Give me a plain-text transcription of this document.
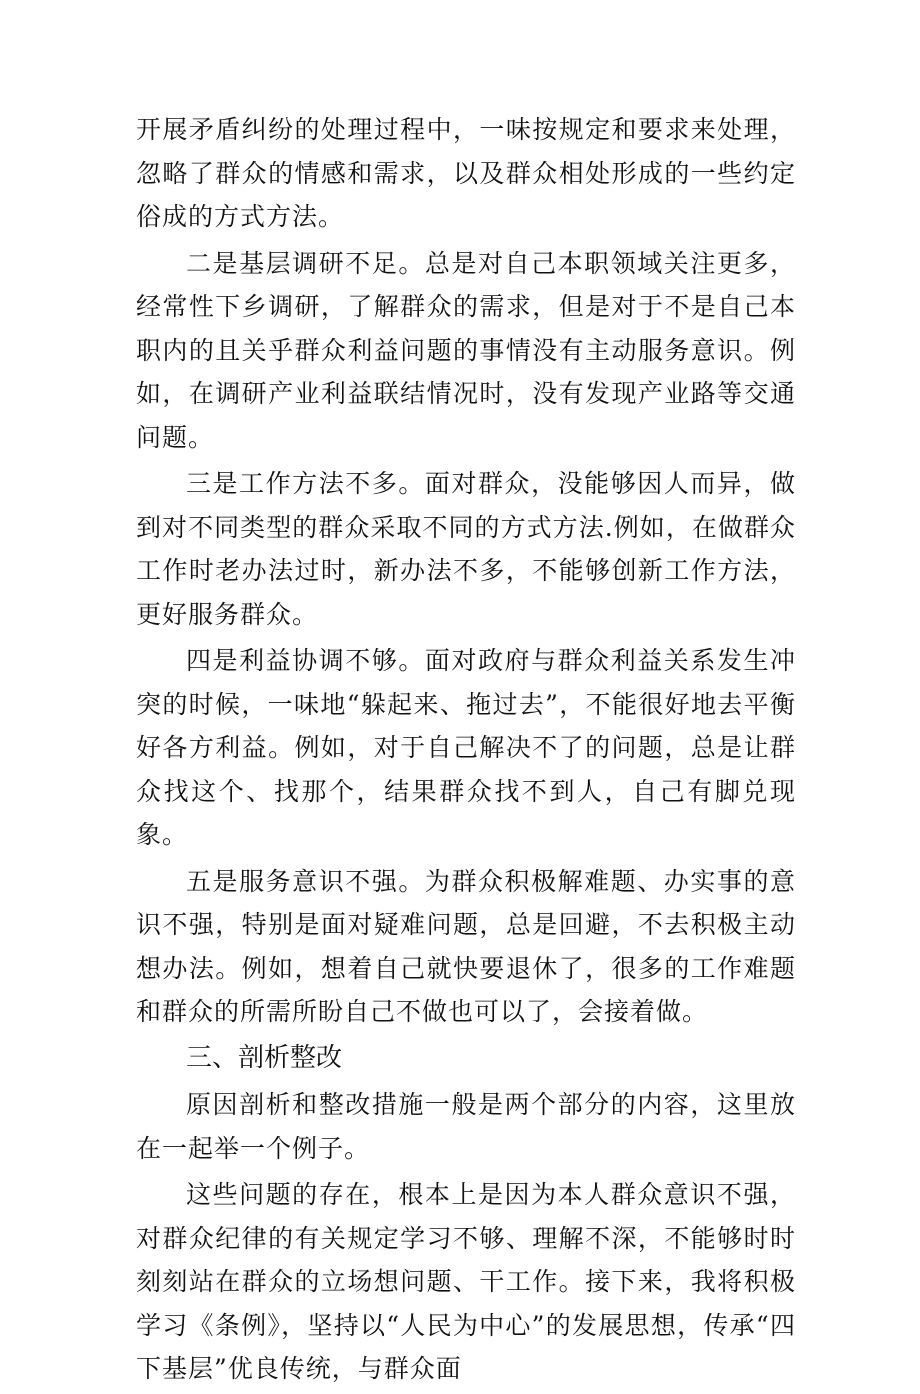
开展矛盾纠纷的处理过程中，一味按规定和要求来处理，忽略了群众的情感和需求，以及群众相处形成的一些约定俗成的方式方法。

二是基层调研不足。总是对自己本职领域关注更多，经常性下乡调研，了解群众的需求，但是对于不是自己本职内的且关乎群众利益问题的事情没有主动服务意识。例如，在调研产业利益联结情况时，没有发现产业路等交通问题。

三是工作方法不多。面对群众，没能够因人而异，做到对不同类型的群众采取不同的方式方法.例如，在做群众工作时老办法过时，新办法不多，不能够创新工作方法，更好服务群众。

四是利益协调不够。面对政府与群众利益关系发生冲突的时候，一味地“躲起来、拖过去”，不能很好地去平衡好各方利益。例如，对于自己解决不了的问题，总是让群众找这个、找那个，结果群众找不到人，自己有脚兑现象。

五是服务意识不强。为群众积极解难题、办实事的意识不强，特别是面对疑难问题，总是回避，不去积极主动想办法。例如，想着自己就快要退休了，很多的工作难题和群众的所需所盼自己不做也可以了，会接着做。

三、剖析整改

原因剖析和整改措施一般是两个部分的内容，这里放在一起举一个例子。

这些问题的存在，根本上是因为本人群众意识不强，对群众纪律的有关规定学习不够、理解不深，不能够时时刻刻站在群众的立场想问题、干工作。接下来，我将积极学习《条例》，坚持以“人民为中心”的发展思想，传承“四下基层”优良传统，与群众面
